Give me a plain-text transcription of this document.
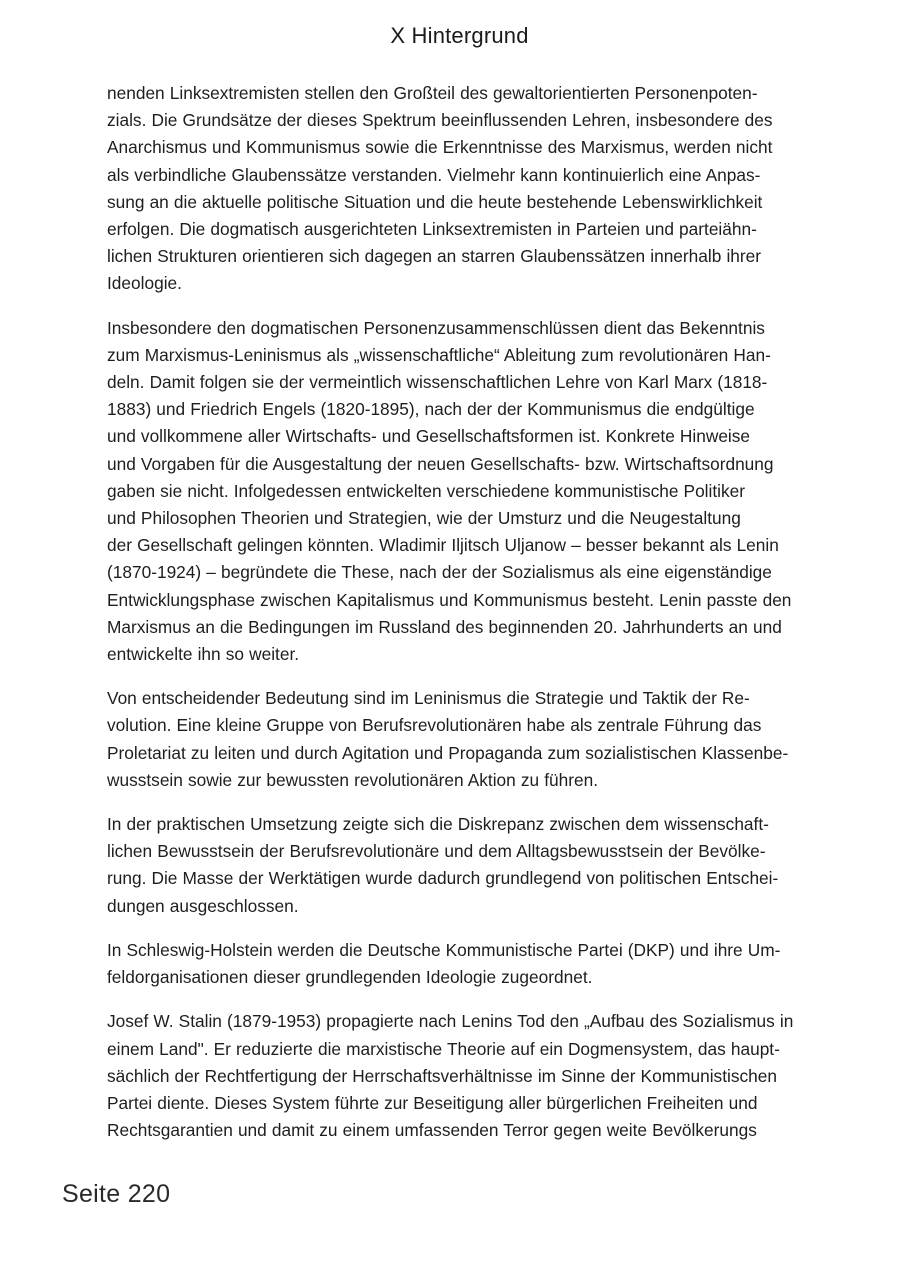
X Hintergrund

nenden Linksextremisten stellen den Großteil des gewaltorientierten Personenpoten-
zials. Die Grundsätze der dieses Spektrum beeinflussenden Lehren, insbesondere des
Anarchismus und Kommunismus sowie die Erkenntnisse des Marxismus, werden nicht
als verbindliche Glaubenssätze verstanden. Vielmehr kann kontinuierlich eine Anpas-
sung an die aktuelle politische Situation und die heute bestehende Lebenswirklichkeit
erfolgen. Die dogmatisch ausgerichteten Linksextremisten in Parteien und parteiähn-
lichen Strukturen orientieren sich dagegen an starren Glaubenssätzen innerhalb ihrer
Ideologie.

Insbesondere den dogmatischen Personenzusammenschlüssen dient das Bekenntnis
zum Marxismus-Leninismus als „wissenschaftliche“ Ableitung zum revolutionären Han-
deln. Damit folgen sie der vermeintlich wissenschaftlichen Lehre von Karl Marx (1818-
1883) und Friedrich Engels (1820-1895), nach der der Kommunismus die endgültige
und vollkommene aller Wirtschafts- und Gesellschaftsformen ist. Konkrete Hinweise
und Vorgaben für die Ausgestaltung der neuen Gesellschafts- bzw. Wirtschaftsordnung
gaben sie nicht. Infolgedessen entwickelten verschiedene kommunistische Politiker
und Philosophen Theorien und Strategien, wie der Umsturz und die Neugestaltung
der Gesellschaft gelingen könnten. Wladimir Iljitsch Uljanow – besser bekannt als Lenin
(1870-1924) – begründete die These, nach der der Sozialismus als eine eigenständige
Entwicklungsphase zwischen Kapitalismus und Kommunismus besteht. Lenin passte den
Marxismus an die Bedingungen im Russland des beginnenden 20. Jahrhunderts an und
entwickelte ihn so weiter.

Von entscheidender Bedeutung sind im Leninismus die Strategie und Taktik der Re-
volution. Eine kleine Gruppe von Berufsrevolutionären habe als zentrale Führung das
Proletariat zu leiten und durch Agitation und Propaganda zum sozialistischen Klassenbe-
wusstsein sowie zur bewussten revolutionären Aktion zu führen.

In der praktischen Umsetzung zeigte sich die Diskrepanz zwischen dem wissenschaft-
lichen Bewusstsein der Berufsrevolutionäre und dem Alltagsbewusstsein der Bevölke-
rung. Die Masse der Werktätigen wurde dadurch grundlegend von politischen Entschei-
dungen ausgeschlossen.

In Schleswig-Holstein werden die Deutsche Kommunistische Partei (DKP) und ihre Um-
feldorganisationen dieser grundlegenden Ideologie zugeordnet.

Josef W. Stalin (1879-1953) propagierte nach Lenins Tod den „Aufbau des Sozialismus in
einem Land". Er reduzierte die marxistische Theorie auf ein Dogmensystem, das haupt-
sächlich der Rechtfertigung der Herrschaftsverhältnisse im Sinne der Kommunistischen
Partei diente. Dieses System führte zur Beseitigung aller bürgerlichen Freiheiten und
Rechtsgarantien und damit zu einem umfassenden Terror gegen weite Bevölkerungs

Seite 220
